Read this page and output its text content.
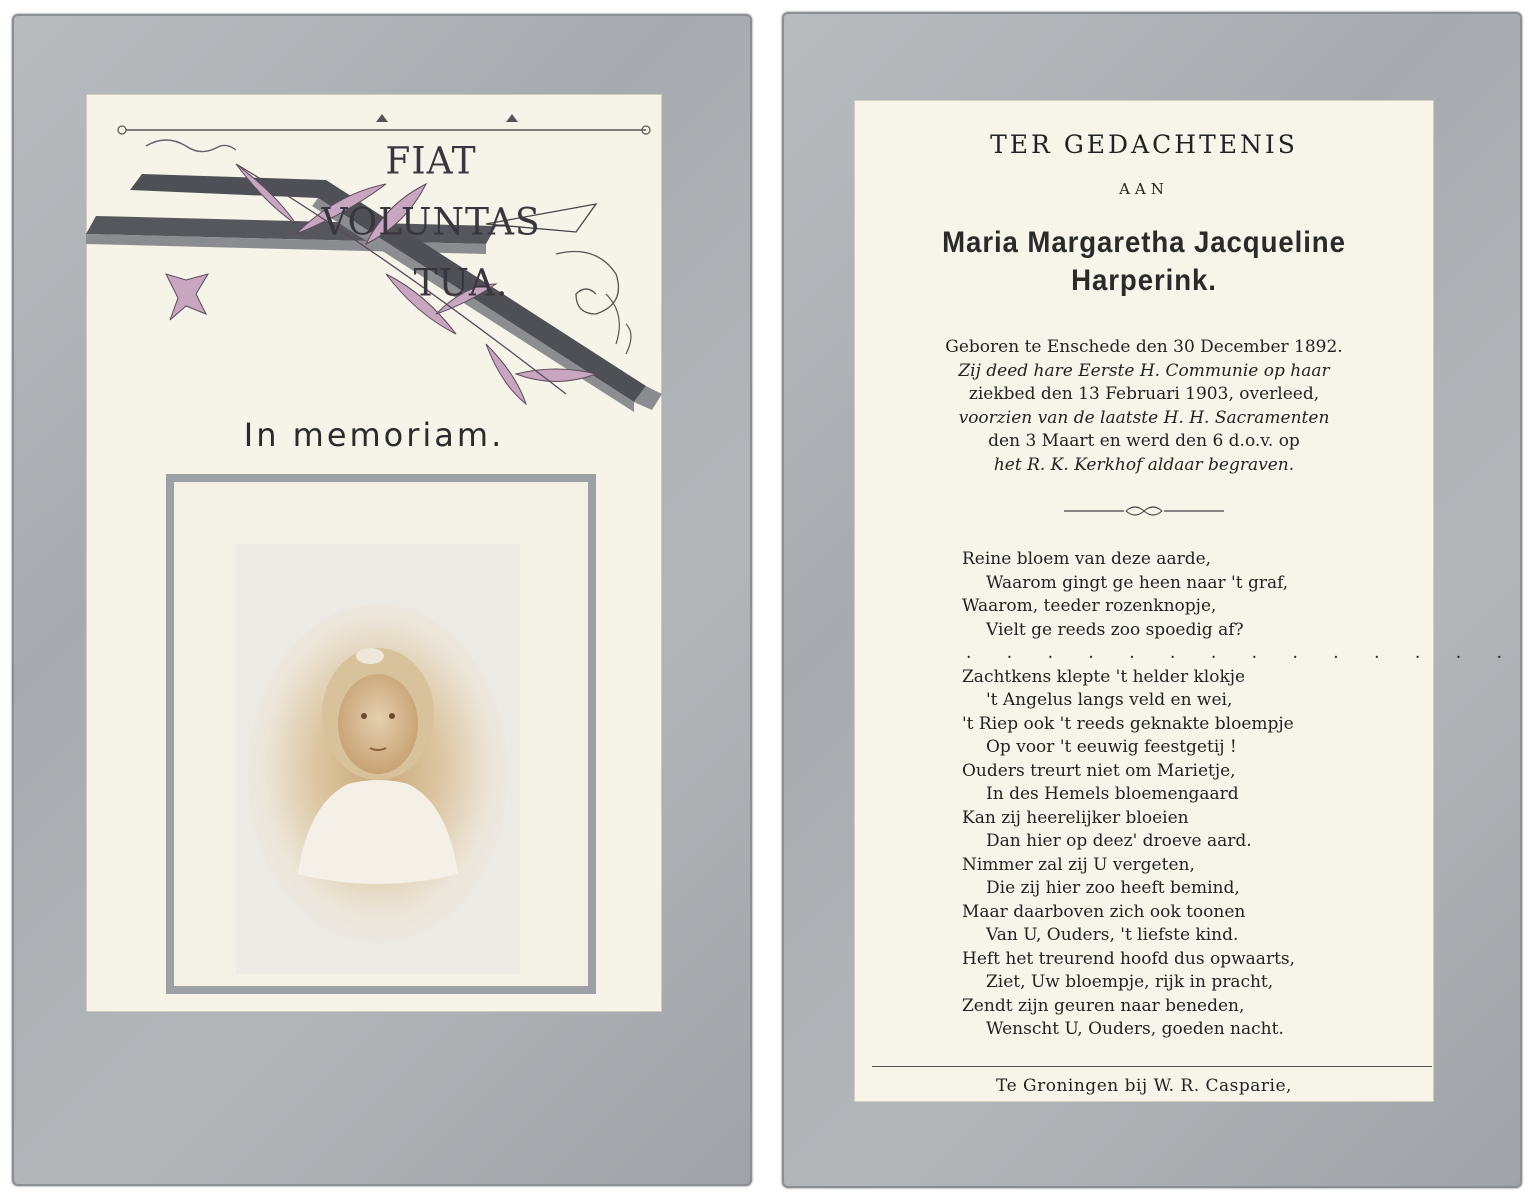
FIAT VOLUNTAS
TUA.
In memoriam.
TER GEDACHTENIS
AAN
Maria Margaretha Jacqueline
Harperink.
Geboren te Enschede den 30 December 1892.
Zij deed hare Eerste H. Communie op haar
ziekbed den 13 Februari 1903, overleed,
voorzien van de laatste H. H. Sacramenten
den 3 Maart en werd den 6 d.o.v. op
het R. K. Kerkhof aldaar begraven.
Reine bloem van deze aarde,
Waarom gingt ge heen naar 't graf,
Waarom, teeder rozenknopje,
Vielt ge reeds zoo spoedig af?
. . . . . . . . . . . . . .
Zachtkens klepte 't helder klokje
't Angelus langs veld en wei,
't Riep ook 't reeds geknakte bloempje
Op voor 't eeuwig feestgetij !
Ouders treurt niet om Marietje,
In des Hemels bloemengaard
Kan zij heerelijker bloeien
Dan hier op deez' droeve aard.
Nimmer zal zij U vergeten,
Die zij hier zoo heeft bemind,
Maar daarboven zich ook toonen
Van U, Ouders, 't liefste kind.
Heft het treurend hoofd dus opwaarts,
Ziet, Uw bloempje, rijk in pracht,
Zendt zijn geuren naar beneden,
Wenscht U, Ouders, goeden nacht.
Te Groningen bij W. R. Casparie,
